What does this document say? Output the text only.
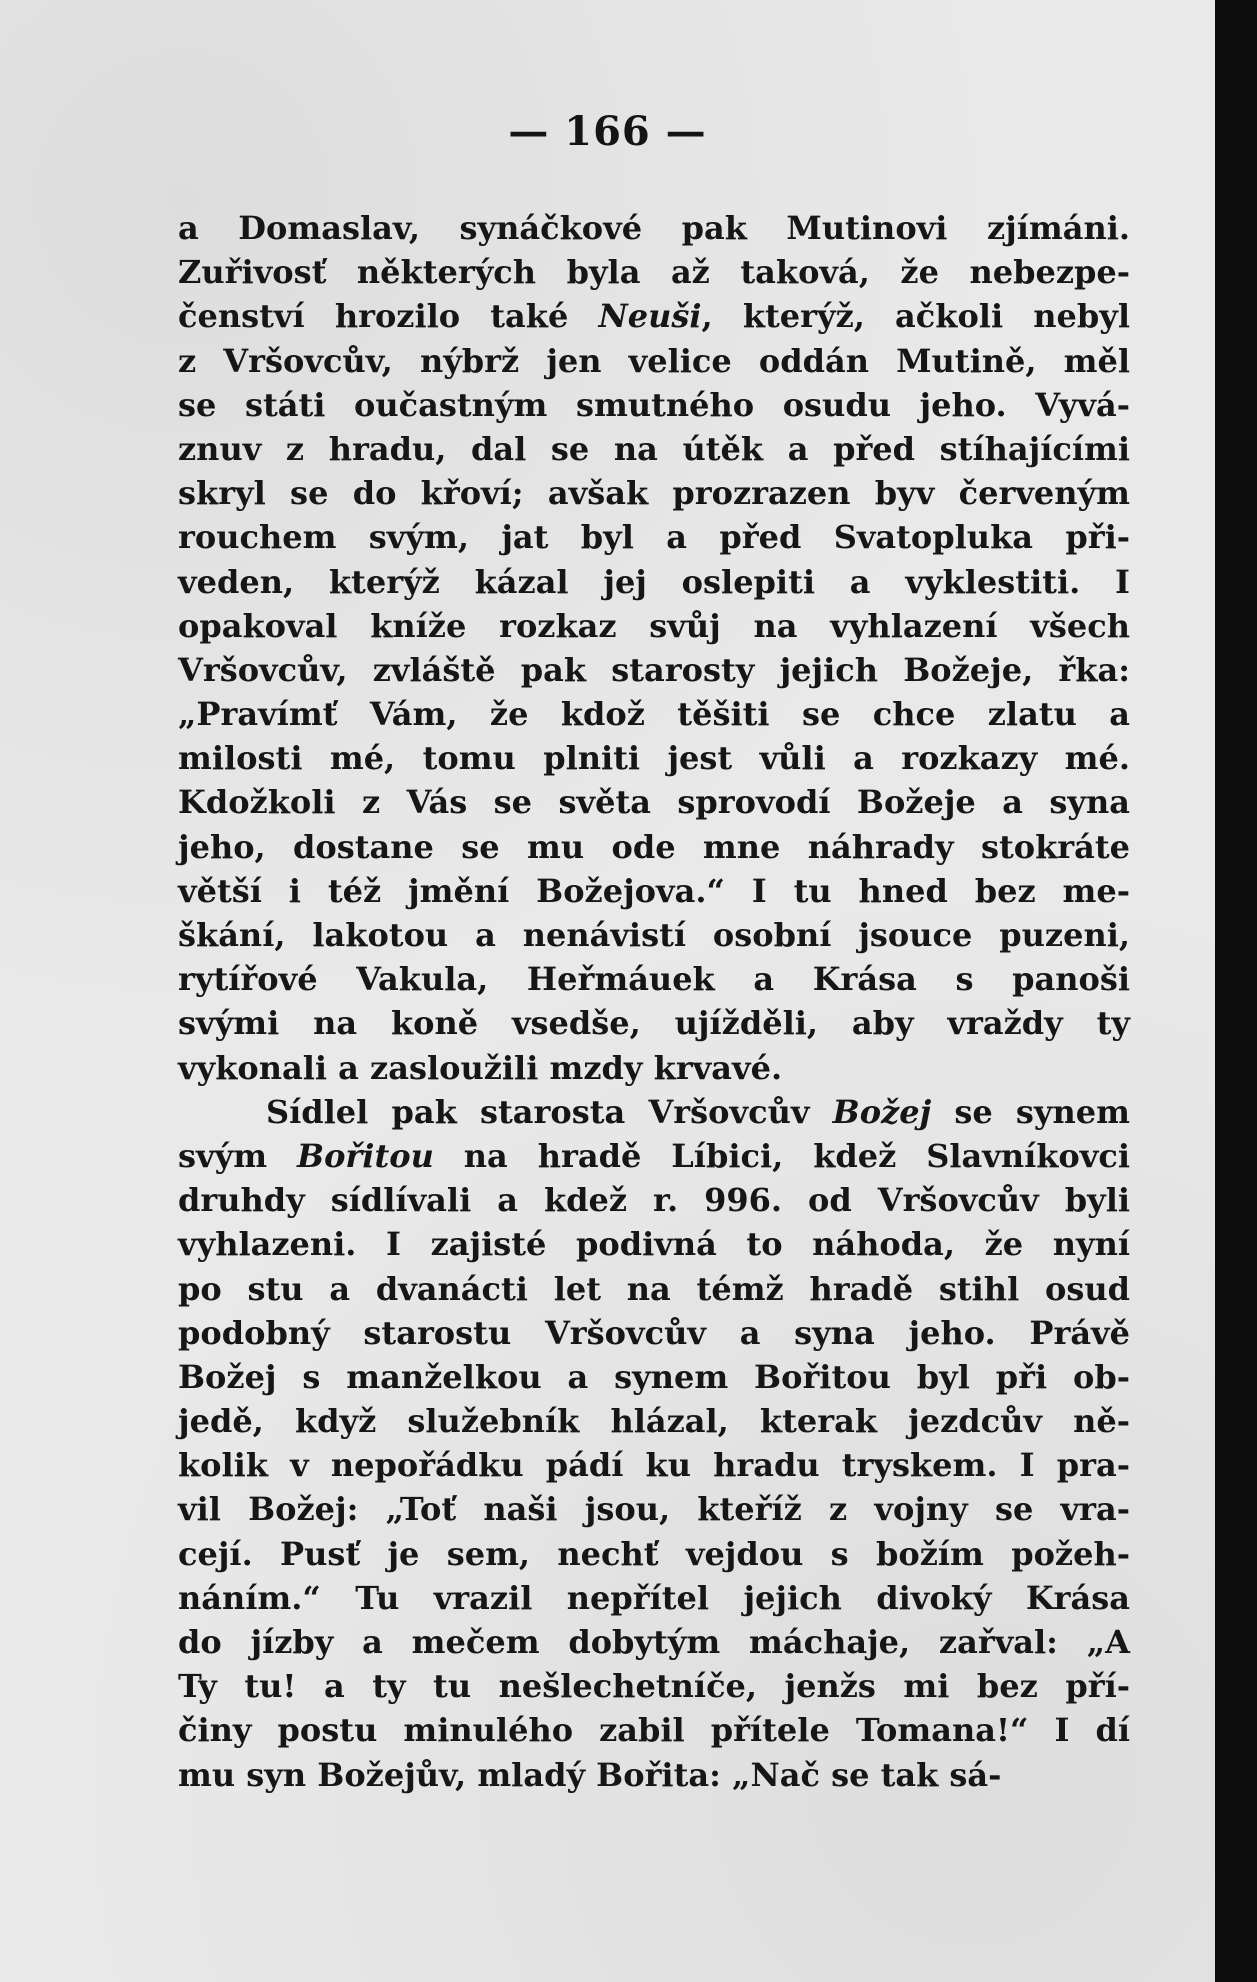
— 166 —
a Domaslav, synáčkové pak Mutinovi zjímáni.
Zuřivosť některých byla až taková, že nebezpe-
čenství hrozilo také Neuši, kterýž, ačkoli nebyl
z Vršovcův, nýbrž jen velice oddán Mutině, měl
se státi oučastným smutného osudu jeho. Vyvá-
znuv z hradu, dal se na útěk a před stíhajícími
skryl se do křoví; avšak prozrazen byv červeným
rouchem svým, jat byl a před Svatopluka při-
veden, kterýž kázal jej oslepiti a vyklestiti. I
opakoval kníže rozkaz svůj na vyhlazení všech
Vršovcův, zvláště pak starosty jejich Božeje, řka:
„Pravímť Vám, že kdož těšiti se chce zlatu a
milosti mé, tomu plniti jest vůli a rozkazy mé.
Kdožkoli z Vás se světa sprovodí Božeje a syna
jeho, dostane se mu ode mne náhrady stokráte
větší i též jmění Božejova.“ I tu hned bez me-
škání, lakotou a nenávistí osobní jsouce puzeni,
rytířové Vakula, Heřmáuek a Krása s panoši
svými na koně vsedše, ujížděli, aby vraždy ty
vykonali a zasloužili mzdy krvavé.
Sídlel pak starosta Vršovcův Božej se synem
svým Bořitou na hradě Líbici, kdež Slavníkovci
druhdy sídlívali a kdež r. 996. od Vršovcův byli
vyhlazeni. I zajisté podivná to náhoda, že nyní
po stu a dvanácti let na témž hradě stihl osud
podobný starostu Vršovcův a syna jeho. Právě
Božej s manželkou a synem Bořitou byl při ob-
jedě, když služebník hlázal, kterak jezdcův ně-
kolik v nepořádku pádí ku hradu tryskem. I pra-
vil Božej: „Toť naši jsou, kteříž z vojny se vra-
cejí. Pusť je sem, nechť vejdou s božím požeh-
náním.“ Tu vrazil nepřítel jejich divoký Krása
do jízby a mečem dobytým máchaje, zařval: „A
Ty tu! a ty tu nešlechetníče, jenžs mi bez pří-
činy postu minulého zabil přítele Tomana!“ I dí
mu syn Božejův, mladý Bořita: „Nač se tak sá-
